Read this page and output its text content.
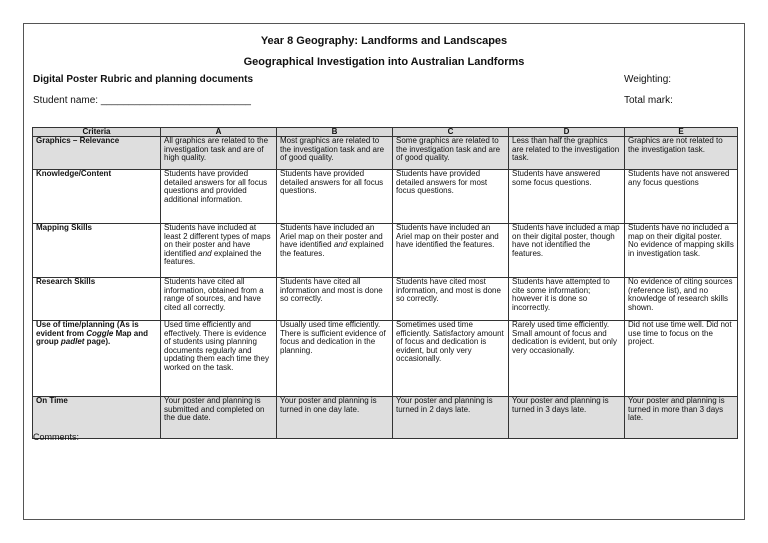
Year 8 Geography: Landforms and Landscapes
Geographical Investigation into Australian Landforms
Digital Poster Rubric and planning documents	Weighting:
Student name: ___________________________	Total mark:
Criteria	A	B	C	D	E
Graphics – Relevance	All graphics are related to the investigation task and are of high quality.	Most graphics are related to the investigation task and are of good quality.	Some graphics are related to the investigation task and are of good quality.	Less than half the graphics are related to the investigation task.	Graphics are not related to the investigation task.
Knowledge/Content	Students have provided detailed answers for all focus questions and provided additional information.	Students have provided detailed answers for all focus questions.	Students have provided detailed answers for most focus questions.	Students have answered some focus questions.	Students have not answered any focus questions
Mapping Skills	Students have included at least 2 different types of maps on their poster and have identified and explained the features.	Students have included an Ariel map on their poster and have identified and explained the features.	Students have included an Ariel map on their poster and have identified the features.	Students have included a map on their digital poster, though have not identified the features.	Students have no included a map on their digital poster. No evidence of mapping skills in investigation task.
Research Skills	Students have cited all information, obtained from a range of sources, and have cited all correctly.	Students have cited all information and most is done so correctly.	Students have cited most information, and most is done so correctly.	Students have attempted to cite some information; however it is done so incorrectly.	No evidence of citing sources (reference list), and no knowledge of research skills shown.
Use of time/planning (As is evident from Coggle Map and group padlet page).	Used time efficiently and effectively. There is evidence of students using planning documents regularly and updating them each time they worked on the task.	Usually used time efficiently. There is sufficient evidence of focus and dedication in the planning.	Sometimes used time efficiently. Satisfactory amount of focus and dedication is evident, but only very occasionally.	Rarely used time efficiently. Small amount of focus and dedication is evident, but only very occasionally.	Did not use time well. Did not use time to focus on the project.
On Time	Your poster and planning is submitted and completed on the due date.	Your poster and planning is turned in one day late.	Your poster and planning is turned in 2 days late.	Your poster and planning is turned in 3 days late.	Your poster and planning is turned in more than 3 days late.
Comments:
